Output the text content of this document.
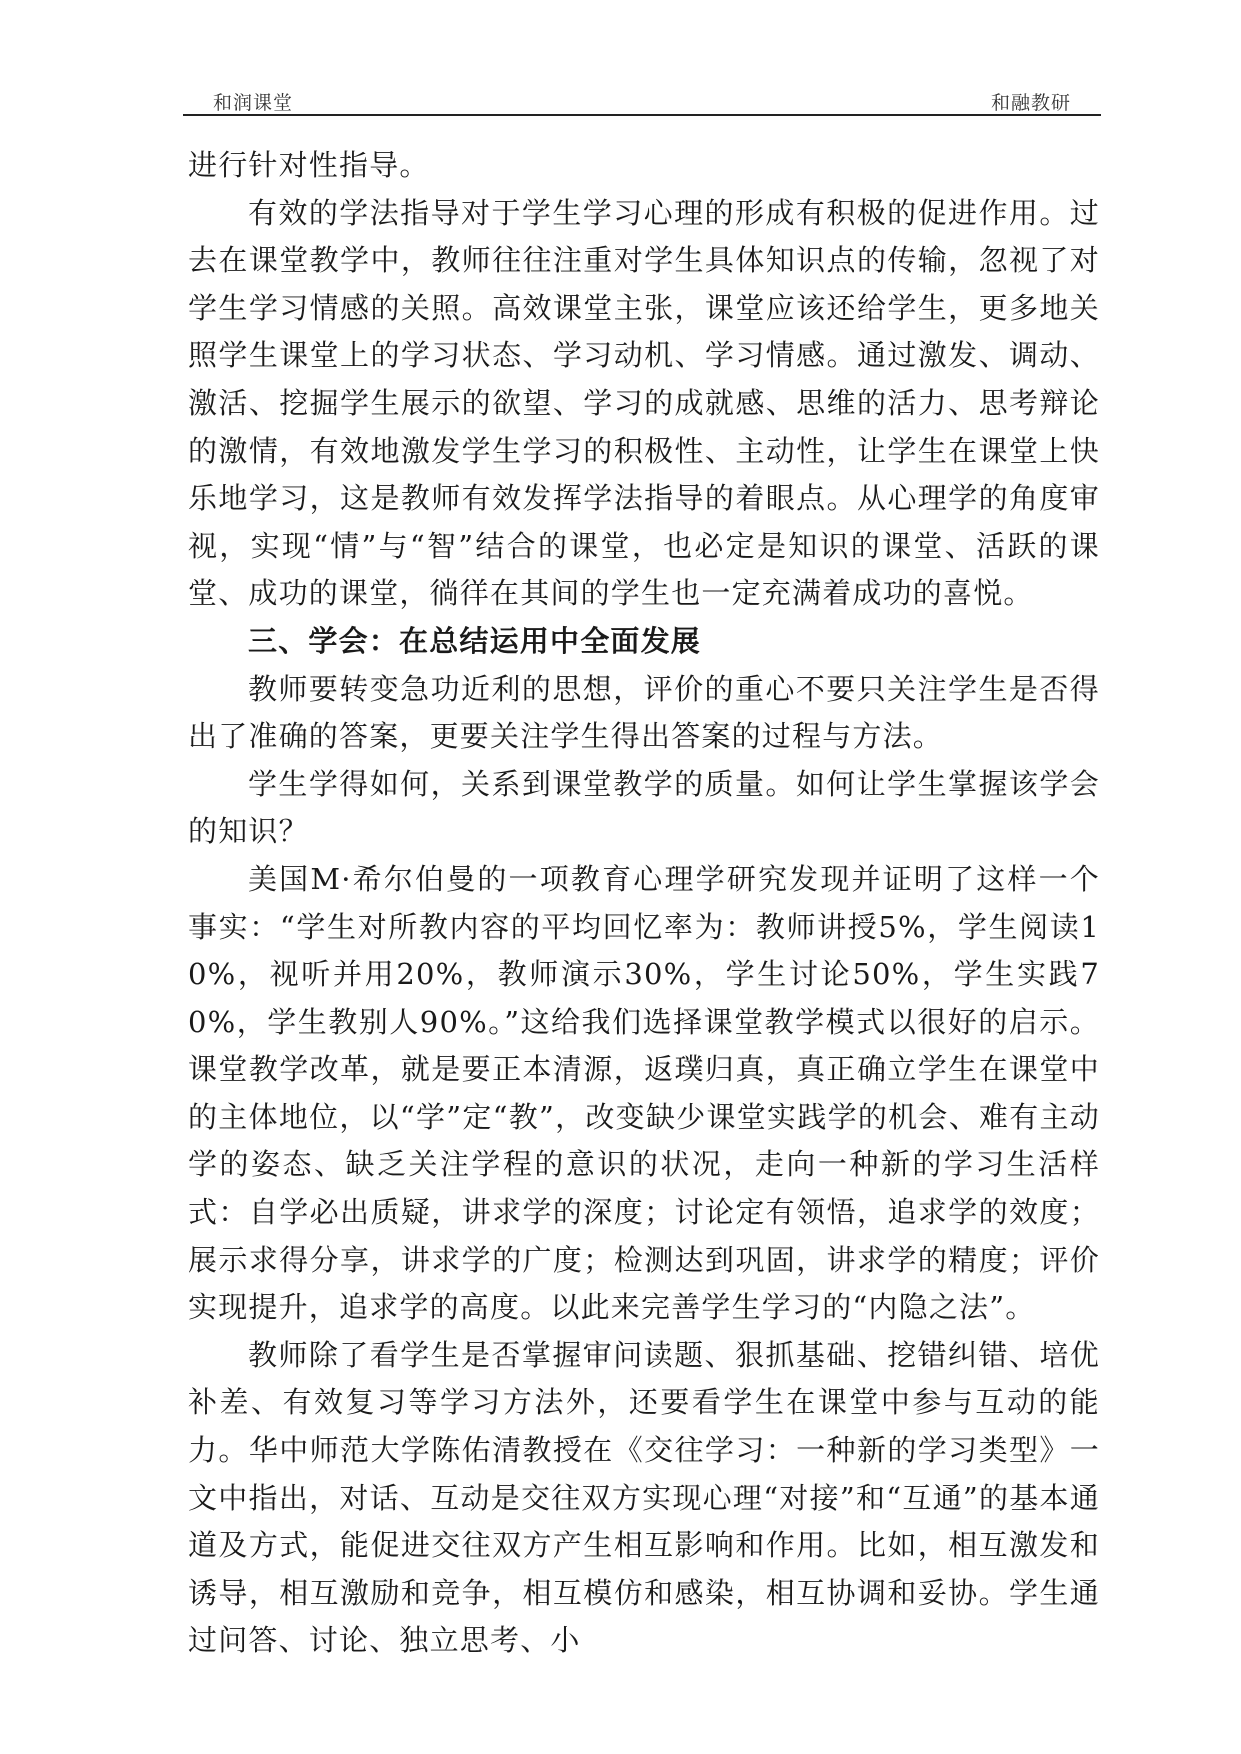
和润课堂	和融教研

进行针对性指导。

有效的学法指导对于学生学习心理的形成有积极的促进作用。过去在课堂教学中，教师往往注重对学生具体知识点的传输，忽视了对学生学习情感的关照。高效课堂主张，课堂应该还给学生，更多地关照学生课堂上的学习状态、学习动机、学习情感。通过激发、调动、激活、挖掘学生展示的欲望、学习的成就感、思维的活力、思考辩论的激情，有效地激发学生学习的积极性、主动性，让学生在课堂上快乐地学习，这是教师有效发挥学法指导的着眼点。从心理学的角度审视，实现“情”与“智”结合的课堂，也必定是知识的课堂、活跃的课堂、成功的课堂，徜徉在其间的学生也一定充满着成功的喜悦。

三、学会：在总结运用中全面发展

教师要转变急功近利的思想，评价的重心不要只关注学生是否得出了准确的答案，更要关注学生得出答案的过程与方法。

学生学得如何，关系到课堂教学的质量。如何让学生掌握该学会的知识？

美国M·希尔伯曼的一项教育心理学研究发现并证明了这样一个事实：“学生对所教内容的平均回忆率为：教师讲授5%，学生阅读10%，视听并用20%，教师演示30%，学生讨论50%，学生实践70%，学生教别人90%。”这给我们选择课堂教学模式以很好的启示。课堂教学改革，就是要正本清源，返璞归真，真正确立学生在课堂中的主体地位，以“学”定“教”，改变缺少课堂实践学的机会、难有主动学的姿态、缺乏关注学程的意识的状况，走向一种新的学习生活样式：自学必出质疑，讲求学的深度；讨论定有领悟，追求学的效度；展示求得分享，讲求学的广度；检测达到巩固，讲求学的精度；评价实现提升，追求学的高度。以此来完善学生学习的“内隐之法”。

教师除了看学生是否掌握审问读题、狠抓基础、挖错纠错、培优补差、有效复习等学习方法外，还要看学生在课堂中参与互动的能力。华中师范大学陈佑清教授在《交往学习：一种新的学习类型》一文中指出，对话、互动是交往双方实现心理“对接”和“互通”的基本通道及方式，能促进交往双方产生相互影响和作用。比如，相互激发和诱导，相互激励和竞争，相互模仿和感染，相互协调和妥协。学生通过问答、讨论、独立思考、小
